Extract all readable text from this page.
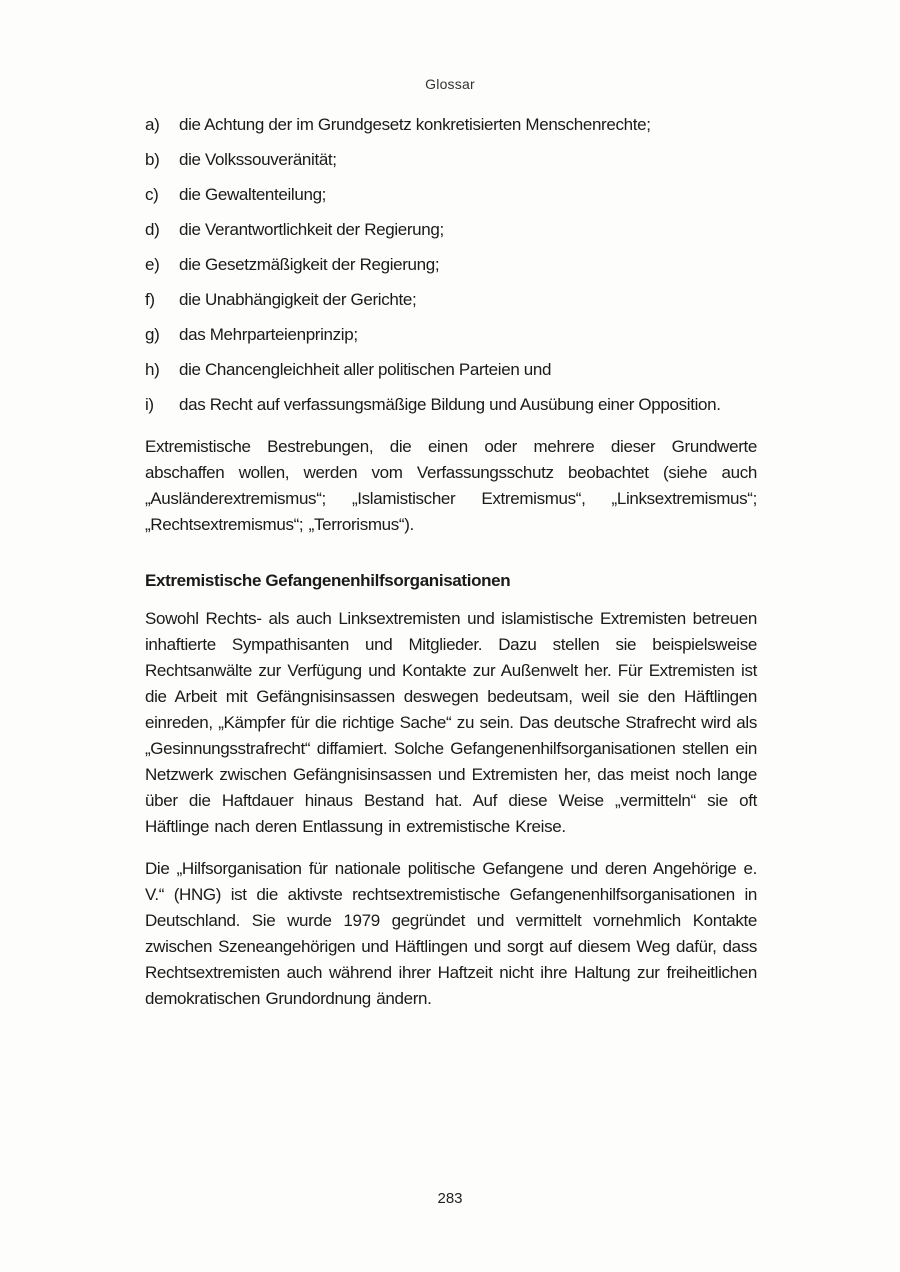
Glossar
a)	die Achtung der im Grundgesetz konkretisierten Menschenrechte;
b)	die Volkssouveränität;
c)	die Gewaltenteilung;
d)	die Verantwortlichkeit der Regierung;
e)	die Gesetzmäßigkeit der Regierung;
f)	die Unabhängigkeit der Gerichte;
g)	das Mehrparteienprinzip;
h)	die Chancengleichheit aller politischen Parteien und
i)	das Recht auf verfassungsmäßige Bildung und Ausübung einer Opposition.

Extremistische Bestrebungen, die einen oder mehrere dieser Grundwerte abschaffen wollen, werden vom Verfassungsschutz beobachtet (siehe auch „Ausländerextremismus“; „Islamistischer Extremismus“, „Linksextremismus“; „Rechtsextremismus“; „Terrorismus“).

Extremistische Gefangenenhilfsorganisationen

Sowohl Rechts- als auch Linksextremisten und islamistische Extremisten betreuen inhaftierte Sympathisanten und Mitglieder. Dazu stellen sie beispielsweise Rechtsanwälte zur Verfügung und Kontakte zur Außenwelt her. Für Extremisten ist die Arbeit mit Gefängnisinsassen deswegen bedeutsam, weil sie den Häftlingen einreden, „Kämpfer für die richtige Sache“ zu sein. Das deutsche Strafrecht wird als „Gesinnungsstrafrecht“ diffamiert. Solche Gefangenenhilfsorganisationen stellen ein Netzwerk zwischen Gefängnisinsassen und Extremisten her, das meist noch lange über die Haftdauer hinaus Bestand hat. Auf diese Weise „vermitteln“ sie oft Häftlinge nach deren Entlassung in extremistische Kreise.

Die „Hilfsorganisation für nationale politische Gefangene und deren Angehörige e. V.“ (HNG) ist die aktivste rechtsextremistische Gefangenenhilfsorganisationen in Deutschland. Sie wurde 1979 gegründet und vermittelt vornehmlich Kontakte zwischen Szeneangehörigen und Häftlingen und sorgt auf diesem Weg dafür, dass Rechtsextremisten auch während ihrer Haftzeit nicht ihre Haltung zur freiheitlichen demokratischen Grundordnung ändern.

283
